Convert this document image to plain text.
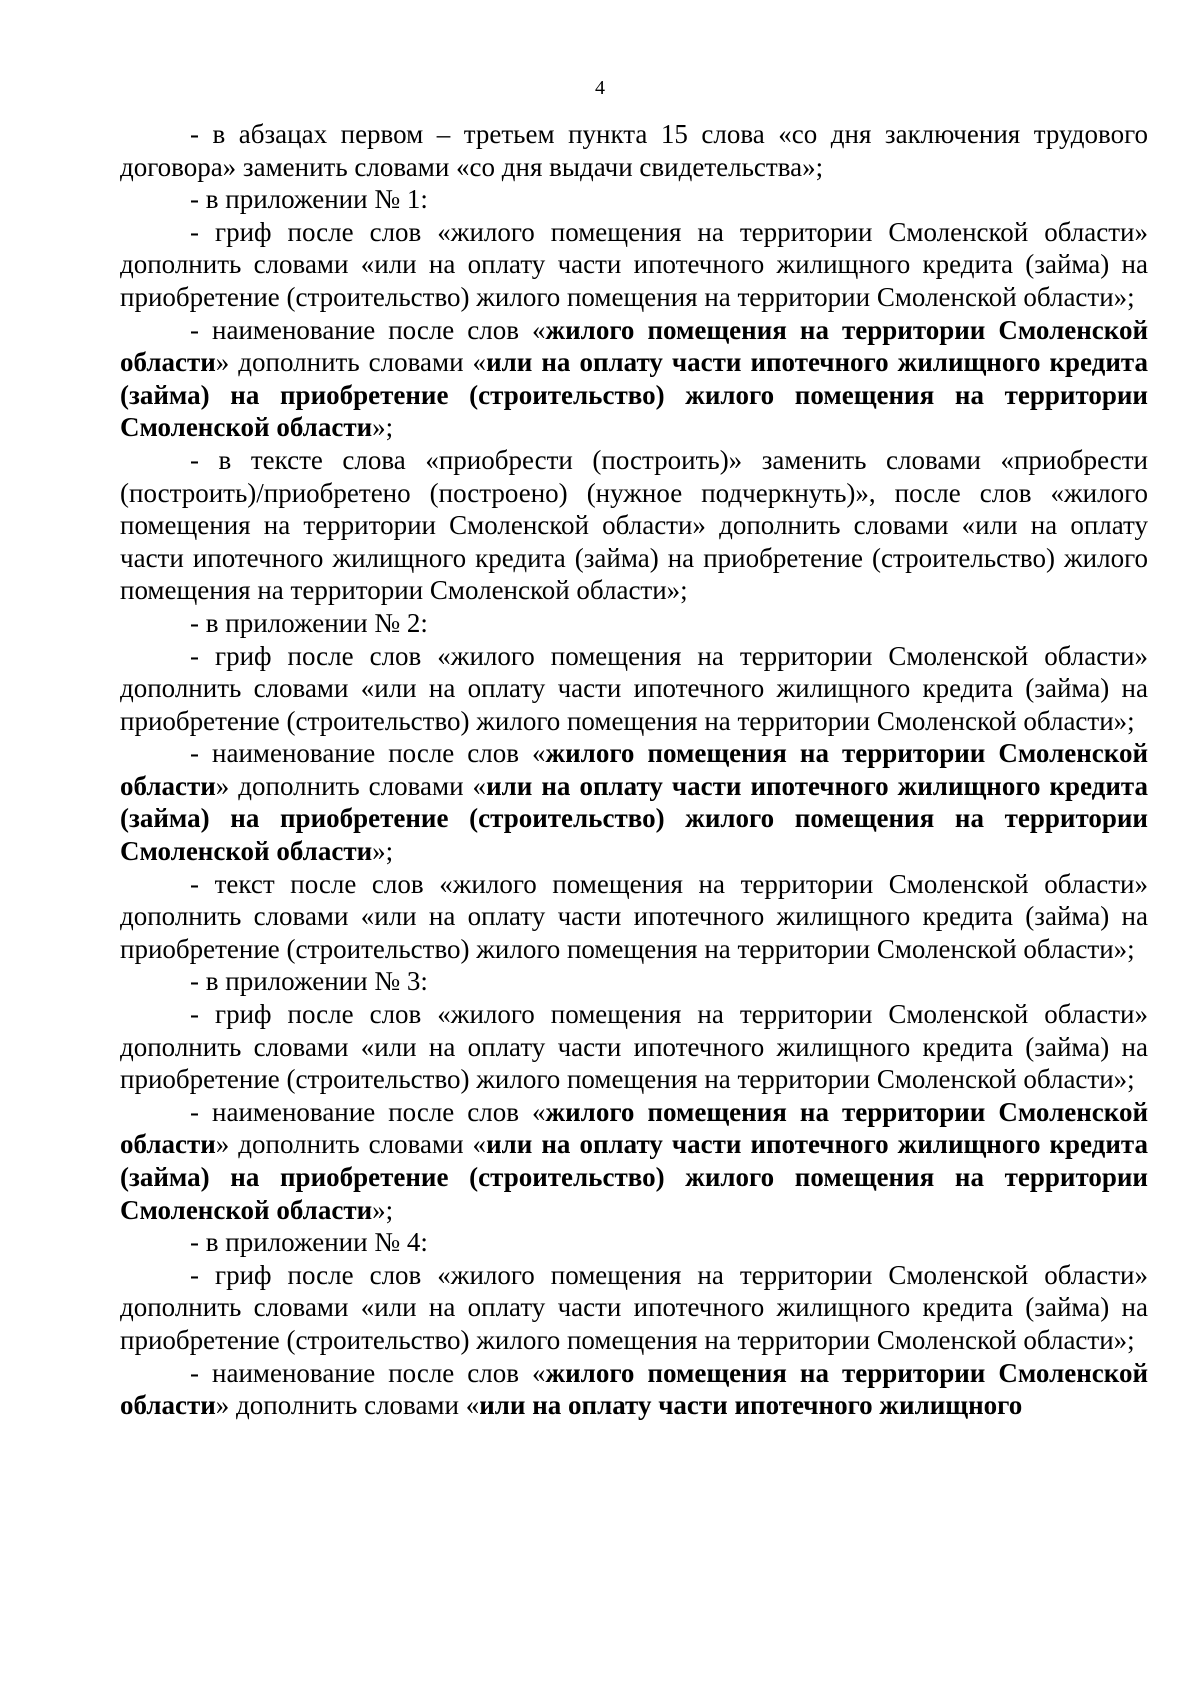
4

- в абзацах первом – третьем пункта 15 слова «со дня заключения трудового договора» заменить словами «со дня выдачи свидетельства»;

- в приложении № 1:

- гриф после слов «жилого помещения на территории Смоленской области» дополнить словами «или на оплату части ипотечного жилищного кредита (займа) на приобретение (строительство) жилого помещения на территории Смоленской области»;

- наименование после слов «жилого помещения на территории Смоленской области» дополнить словами «или на оплату части ипотечного жилищного кредита (займа) на приобретение (строительство) жилого помещения на территории Смоленской области»;

- в тексте слова «приобрести (построить)» заменить словами «приобрести (построить)/приобретено (построено) (нужное подчеркнуть)», после слов «жилого помещения на территории Смоленской области» дополнить словами «или на оплату части ипотечного жилищного кредита (займа) на приобретение (строительство) жилого помещения на территории Смоленской области»;

- в приложении № 2:

- гриф после слов «жилого помещения на территории Смоленской области» дополнить словами «или на оплату части ипотечного жилищного кредита (займа) на приобретение (строительство) жилого помещения на территории Смоленской области»;

- наименование после слов «жилого помещения на территории Смоленской области» дополнить словами «или на оплату части ипотечного жилищного кредита (займа) на приобретение (строительство) жилого помещения на территории Смоленской области»;

- текст после слов «жилого помещения на территории Смоленской области» дополнить словами «или на оплату части ипотечного жилищного кредита (займа) на приобретение (строительство) жилого помещения на территории Смоленской области»;

- в приложении № 3:

- гриф после слов «жилого помещения на территории Смоленской области» дополнить словами «или на оплату части ипотечного жилищного кредита (займа) на приобретение (строительство) жилого помещения на территории Смоленской области»;

- наименование после слов «жилого помещения на территории Смоленской области» дополнить словами «или на оплату части ипотечного жилищного кредита (займа) на приобретение (строительство) жилого помещения на территории Смоленской области»;

- в приложении № 4:

- гриф после слов «жилого помещения на территории Смоленской области» дополнить словами «или на оплату части ипотечного жилищного кредита (займа) на приобретение (строительство) жилого помещения на территории Смоленской области»;

- наименование после слов «жилого помещения на территории Смоленской области» дополнить словами «или на оплату части ипотечного жилищного
